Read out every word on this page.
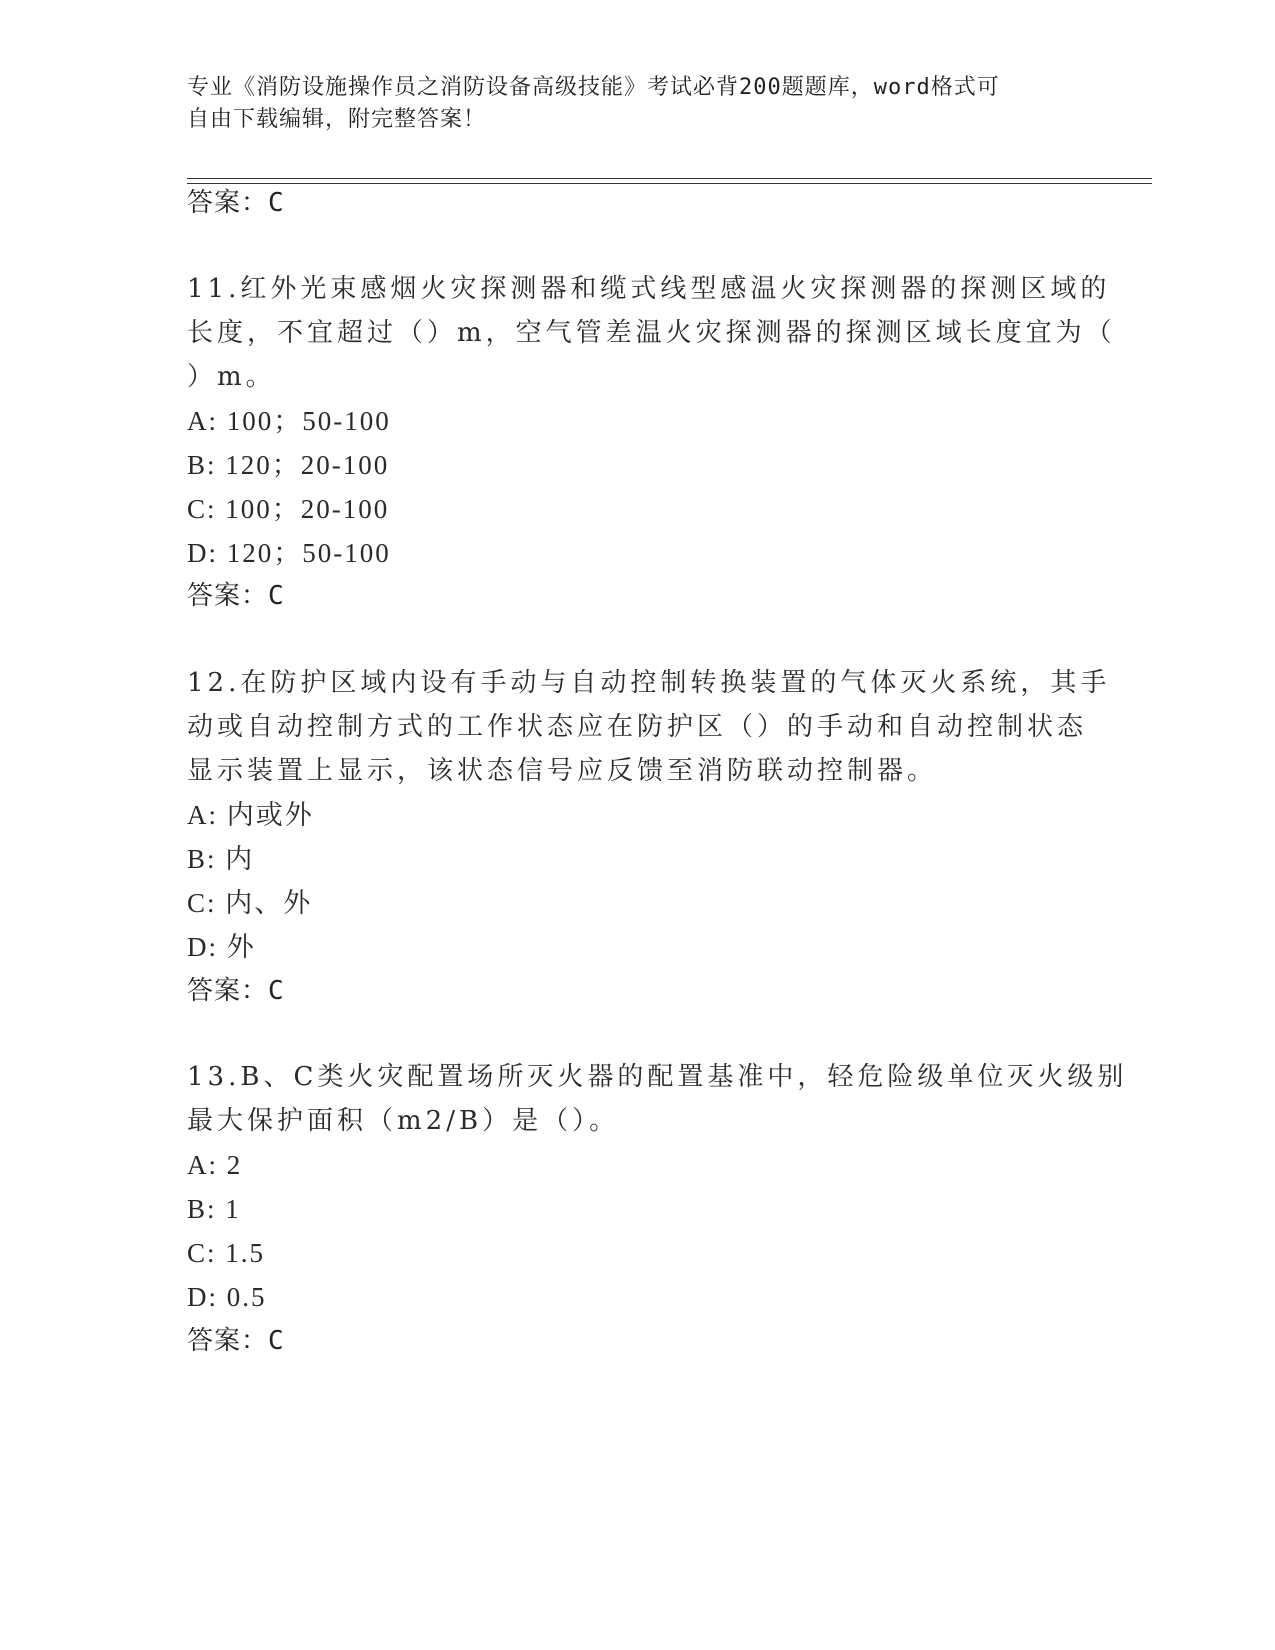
专业《消防设施操作员之消防设备高级技能》考试必背200题题库，word格式可
自由下载编辑，附完整答案！
答案：C
11.红外光束感烟火灾探测器和缆式线型感温火灾探测器的探测区域的
长度，不宜超过（）m，空气管差温火灾探测器的探测区域长度宜为（
）m。
A: 100；50-100
B: 120；20-100
C: 100；20-100
D: 120；50-100
答案：C
12.在防护区域内设有手动与自动控制转换装置的气体灭火系统，其手
动或自动控制方式的工作状态应在防护区（）的手动和自动控制状态
显示装置上显示，该状态信号应反馈至消防联动控制器。
A: 内或外
B: 内
C: 内、外
D: 外
答案：C
13.B、C类火灾配置场所灭火器的配置基准中，轻危险级单位灭火级别
最大保护面积（m2/B）是（）。
A: 2
B: 1
C: 1.5
D: 0.5
答案：C
